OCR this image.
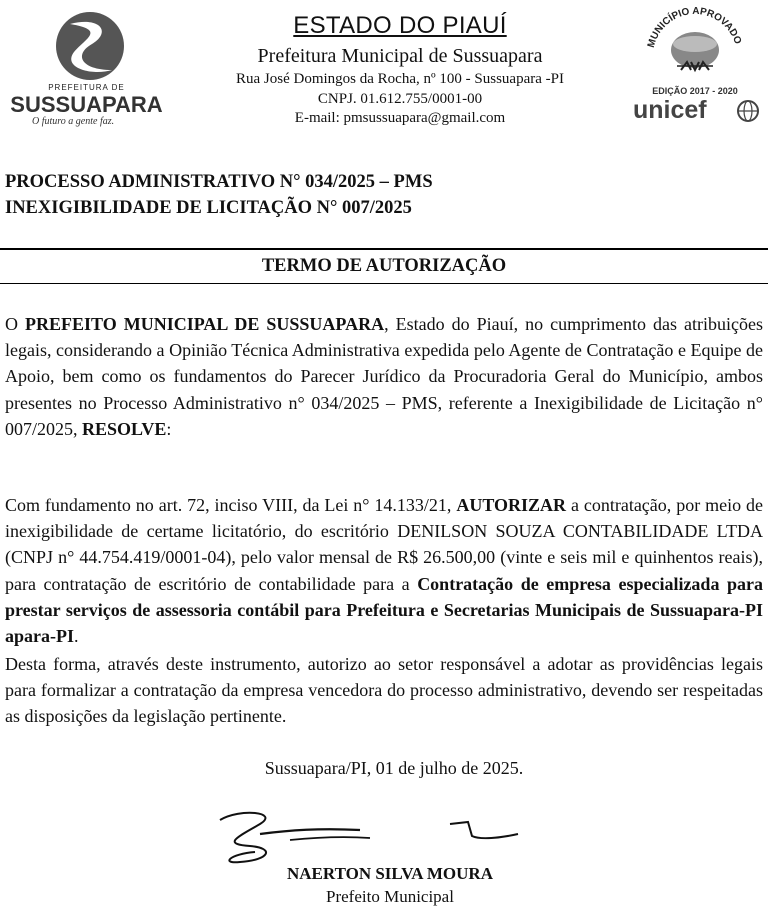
PREFEITURA DE
SUSSUAPARA
O futuro a gente faz.
ESTADO DO PIAUÍ
Prefeitura Municipal de Sussuapara
Rua José Domingos da Rocha, nº 100 - Sussuapara -PI
CNPJ. 01.612.755/0001-00
E-mail: pmsussuapara@gmail.com
MUNICÍPIO APROVADO
EDIÇÃO 2017 - 2020
unicef
PROCESSO ADMINISTRATIVO N° 034/2025 – PMS
INEXIGIBILIDADE DE LICITAÇÃO N° 007/2025
TERMO DE AUTORIZAÇÃO
O PREFEITO MUNICIPAL DE SUSSUAPARA, Estado do Piauí, no cumprimento das atribuições legais, considerando a Opinião Técnica Administrativa expedida pelo Agente de Contratação e Equipe de Apoio, bem como os fundamentos do Parecer Jurídico da Procuradoria Geral do Município, ambos presentes no Processo Administrativo n° 034/2025 – PMS, referente a Inexigibilidade de Licitação n° 007/2025, RESOLVE:
Com fundamento no art. 72, inciso VIII, da Lei n° 14.133/21, AUTORIZAR a contratação, por meio de inexigibilidade de certame licitatório, do escritório DENILSON SOUZA CONTABILIDADE LTDA (CNPJ n° 44.754.419/0001-04), pelo valor mensal de R$ 26.500,00 (vinte e seis mil e quinhentos reais), para contratação de escritório de contabilidade para a Contratação de empresa especializada para prestar serviços de assessoria contábil para Prefeitura e Secretarias Municipais de Sussuapara-PI apara-PI.
Desta forma, através deste instrumento, autorizo ao setor responsável a adotar as providências legais para formalizar a contratação da empresa vencedora do processo administrativo, devendo ser respeitadas as disposições da legislação pertinente.
Sussuapara/PI, 01 de julho de 2025.
NAERTON SILVA MOURA
Prefeito Municipal
